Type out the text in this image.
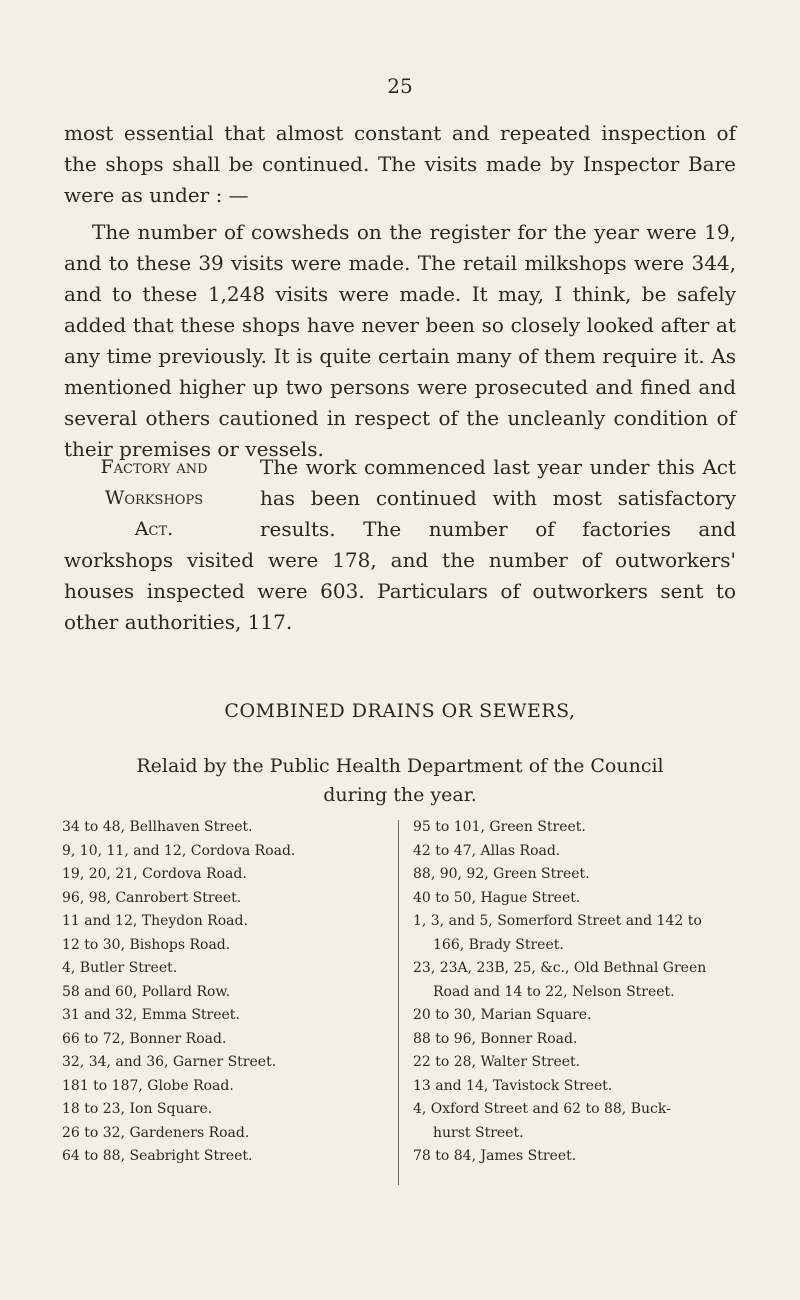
25

most essential that almost constant and repeated inspection of the shops shall be continued. The visits made by Inspector Bare were as under : —

The number of cowsheds on the register for the year were 19, and to these 39 visits were made. The retail milkshops were 344, and to these 1,248 visits were made. It may, I think, be safely added that these shops have never been so closely looked after at any time previously. It is quite certain many of them require it. As mentioned higher up two persons were prosecuted and fined and several others cautioned in respect of the uncleanly condition of their premises or vessels.

Factory and
Workshops
Act.

The work commenced last year under this Act has been continued with most satisfactory results. The number of factories and workshops visited were 178, and the number of outworkers' houses inspected were 603. Particulars of outworkers sent to other authorities, 117.

COMBINED DRAINS OR SEWERS,
Relaid by the Public Health Department of the Council during the year.
34 to 48, Bellhaven Street.
9, 10, 11, and 12, Cordova Road.
19, 20, 21, Cordova Road.
96, 98, Canrobert Street.
11 and 12, Theydon Road.
12 to 30, Bishops Road.
4, Butler Street.
58 and 60, Pollard Row.
31 and 32, Emma Street.
66 to 72, Bonner Road.
32, 34, and 36, Garner Street.
181 to 187, Globe Road.
18 to 23, Ion Square.
26 to 32, Gardeners Road.
64 to 88, Seabright Street.
95 to 101, Green Street.
42 to 47, Allas Road.
88, 90, 92, Green Street.
40 to 50, Hague Street.
1, 3, and 5, Somerford Street and 142 to
166, Brady Street.
23, 23A, 23B, 25, &c., Old Bethnal Green
Road and 14 to 22, Nelson Street.
20 to 30, Marian Square.
88 to 96, Bonner Road.
22 to 28, Walter Street.
13 and 14, Tavistock Street.
4, Oxford Street and 62 to 88, Buck-
hurst Street.
78 to 84, James Street.
